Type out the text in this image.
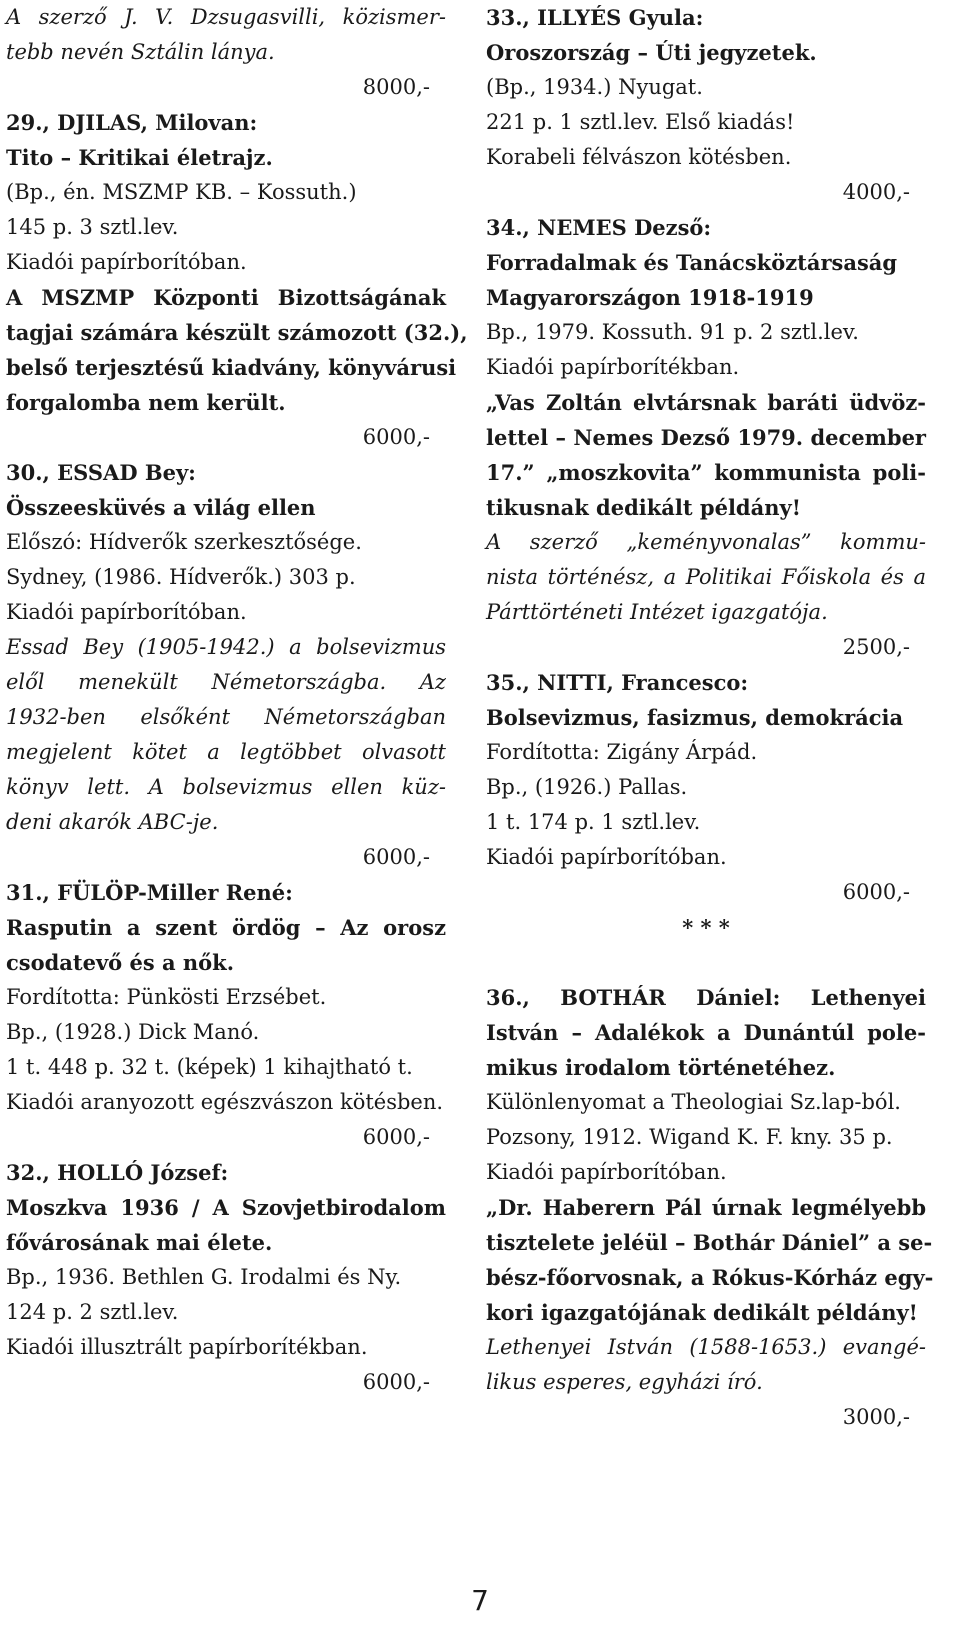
A szerző J. V. Dzsugasvilli, közismer-
tebb nevén Sztálin lánya.
8000,-
29., DJILAS, Milovan:
Tito – Kritikai életrajz.
(Bp., én. MSZMP KB. – Kossuth.)
145 p. 3 sztl.lev.
Kiadói papírborítóban.
A MSZMP Központi Bizottságának
tagjai számára készült számozott (32.),
belső terjesztésű kiadvány, könyvárusi
forgalomba nem került.
6000,-
30., ESSAD Bey:
Összeesküvés a világ ellen
Előszó: Hídverők szerkesztősége.
Sydney, (1986. Hídverők.) 303 p.
Kiadói papírborítóban.
Essad Bey (1905-1942.) a bolsevizmus
elől menekült Németországba. Az
1932-ben elsőként Németországban
megjelent kötet a legtöbbet olvasott
könyv lett. A bolsevizmus ellen küz-
deni akarók ABC-je.
6000,-
31., FÜLÖP-Miller René:
Rasputin a szent ördög – Az orosz
csodatevő és a nők.
Fordította: Pünkösti Erzsébet.
Bp., (1928.) Dick Manó.
1 t. 448 p. 32 t. (képek) 1 kihajtható t.
Kiadói aranyozott egészvászon kötésben.
6000,-
32., HOLLÓ József:
Moszkva 1936 / A Szovjetbirodalom
fővárosának mai élete.
Bp., 1936. Bethlen G. Irodalmi és Ny.
124 p. 2 sztl.lev.
Kiadói illusztrált papírborítékban.
6000,-
33., ILLYÉS Gyula:
Oroszország – Úti jegyzetek.
(Bp., 1934.) Nyugat.
221 p. 1 sztl.lev. Első kiadás!
Korabeli félvászon kötésben.
4000,-
34., NEMES Dezső:
Forradalmak és Tanácsköztársaság
Magyarországon 1918-1919
Bp., 1979. Kossuth. 91 p. 2 sztl.lev.
Kiadói papírborítékban.
„Vas Zoltán elvtársnak baráti üdvöz-
lettel – Nemes Dezső 1979. december
17.” „moszkovita” kommunista poli-
tikusnak dedikált példány!
A szerző „keményvonalas” kommu-
nista történész, a Politikai Főiskola és a
Párttörténeti Intézet igazgatója.
2500,-
35., NITTI, Francesco:
Bolsevizmus, fasizmus, demokrácia
Fordította: Zigány Árpád.
Bp., (1926.) Pallas.
1 t. 174 p. 1 sztl.lev.
Kiadói papírborítóban.
6000,-
* * *
36., BOTHÁR Dániel: Lethenyei
István – Adalékok a Dunántúl pole-
mikus irodalom történetéhez.
Különlenyomat a Theologiai Sz.lap-ból.
Pozsony, 1912. Wigand K. F. kny. 35 p.
Kiadói papírborítóban.
„Dr. Haberern Pál úrnak legmélyebb
tisztelete jeléül – Bothár Dániel” a se-
bész-főorvosnak, a Rókus-Kórház egy-
kori igazgatójának dedikált példány!
Lethenyei István (1588-1653.) evangé-
likus esperes, egyházi író.
3000,-
7
